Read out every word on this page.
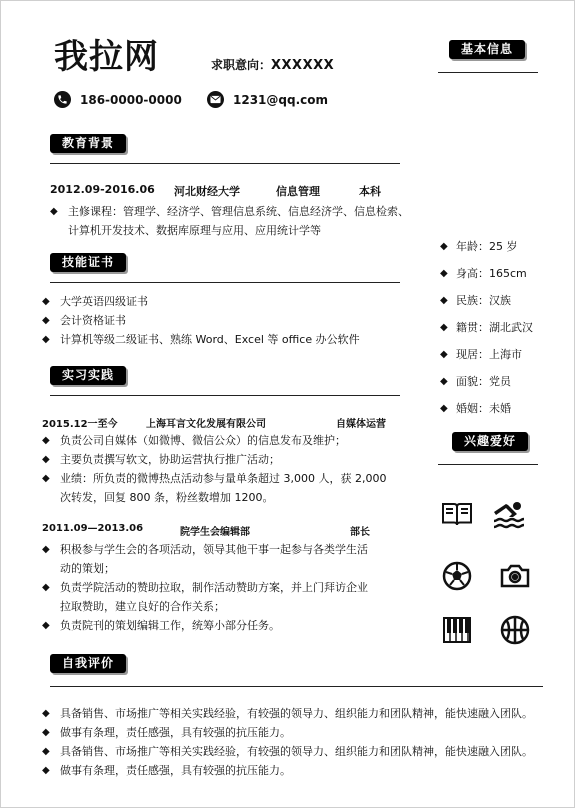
我拉网	求职意向：XXXXXX
186-0000-0000	1231@qq.com
教育背景
2012.09-2016.06	河北财经大学	信息管理	本科
◆ 主修课程：管理学、经济学、管理信息系统、信息经济学、信息检索、
计算机开发技术、数据库原理与应用、应用统计学等
技能证书
◆ 大学英语四级证书
◆ 会计资格证书
◆ 计算机等级二级证书、熟练 Word、Excel 等 office 办公软件
实习实践
2015.12一至今	上海耳言文化发展有限公司	自媒体运营
◆ 负责公司自媒体（如微博、微信公众）的信息发布及维护；
◆ 主要负责撰写软文，协助运营执行推广活动；
◆ 业绩：所负责的微博热点活动参与量单条超过 3,000 人，获 2,000
次转发，回复 800 条，粉丝数增加 1200。
2011.09—2013.06	院学生会编辑部	部长
◆ 积极参与学生会的各项活动，领导其他干事一起参与各类学生活
动的策划；
◆ 负责学院活动的赞助拉取，制作活动赞助方案，并上门拜访企业
拉取赞助，建立良好的合作关系；
◆ 负责院刊的策划编辑工作，统筹小部分任务。
自我评价
◆ 具备销售、市场推广等相关实践经验，有较强的领导力、组织能力和团队精神，能快速融入团队。
◆ 做事有条理，责任感强，具有较强的抗压能力。
◆ 具备销售、市场推广等相关实践经验，有较强的领导力、组织能力和团队精神，能快速融入团队。
◆ 做事有条理，责任感强，具有较强的抗压能力。
基本信息
◆ 年龄：25 岁
◆ 身高：165cm
◆ 民族：汉族
◆ 籍贯：湖北武汉
◆ 现居：上海市
◆ 面貌：党员
◆ 婚姻：未婚
兴趣爱好
